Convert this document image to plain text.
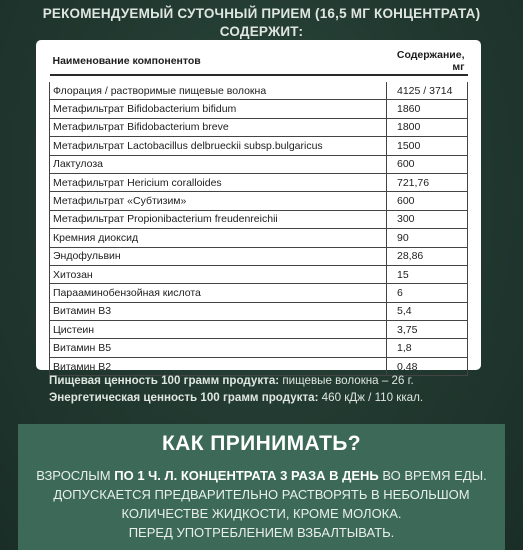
РЕКОМЕНДУЕМЫЙ СУТОЧНЫЙ ПРИЕМ (16,5 МГ КОНЦЕНТРАТА)
СОДЕРЖИТ:
Наименование компонентов	Содержание, мг

Флорация / растворимые пищевые волокна	4125 / 3714
Метафильтрат Bifidobacterium bifidum	1860
Метафильтрат Bifidobacterium breve	1800
Метафильтрат Lactobacillus delbrueckii subsp.bulgaricus	1500
Лактулоза	600
Метафильтрат Hericium coralloides	721,76
Метафильтрат «Субтизим»	600
Метафильтрат Propionibacterium freudenreichii	300
Кремния диоксид	90
Эндофульвин	28,86
Хитозан	15
Парааминобензойная кислота	6
Витамин B3	5,4
Цистеин	3,75
Витамин B5	1,8
Витамин B2	0,48
Пищевая ценность 100 грамм продукта: пищевые волокна – 26 г.
Энергетическая ценность 100 грамм продукта: 460 кДж / 110 ккал.
КАК ПРИНИМАТЬ?
ВЗРОСЛЫМ ПО 1 Ч. Л. КОНЦЕНТРАТА 3 РАЗА В ДЕНЬ ВО ВРЕМЯ ЕДЫ.
ДОПУСКАЕТСЯ ПРЕДВАРИТЕЛЬНО РАСТВОРЯТЬ В НЕБОЛЬШОМ КОЛИЧЕСТВЕ ЖИДКОСТИ, КРОМЕ МОЛОКА.
ПЕРЕД УПОТРЕБЛЕНИЕМ ВЗБАЛТЫВАТЬ.
